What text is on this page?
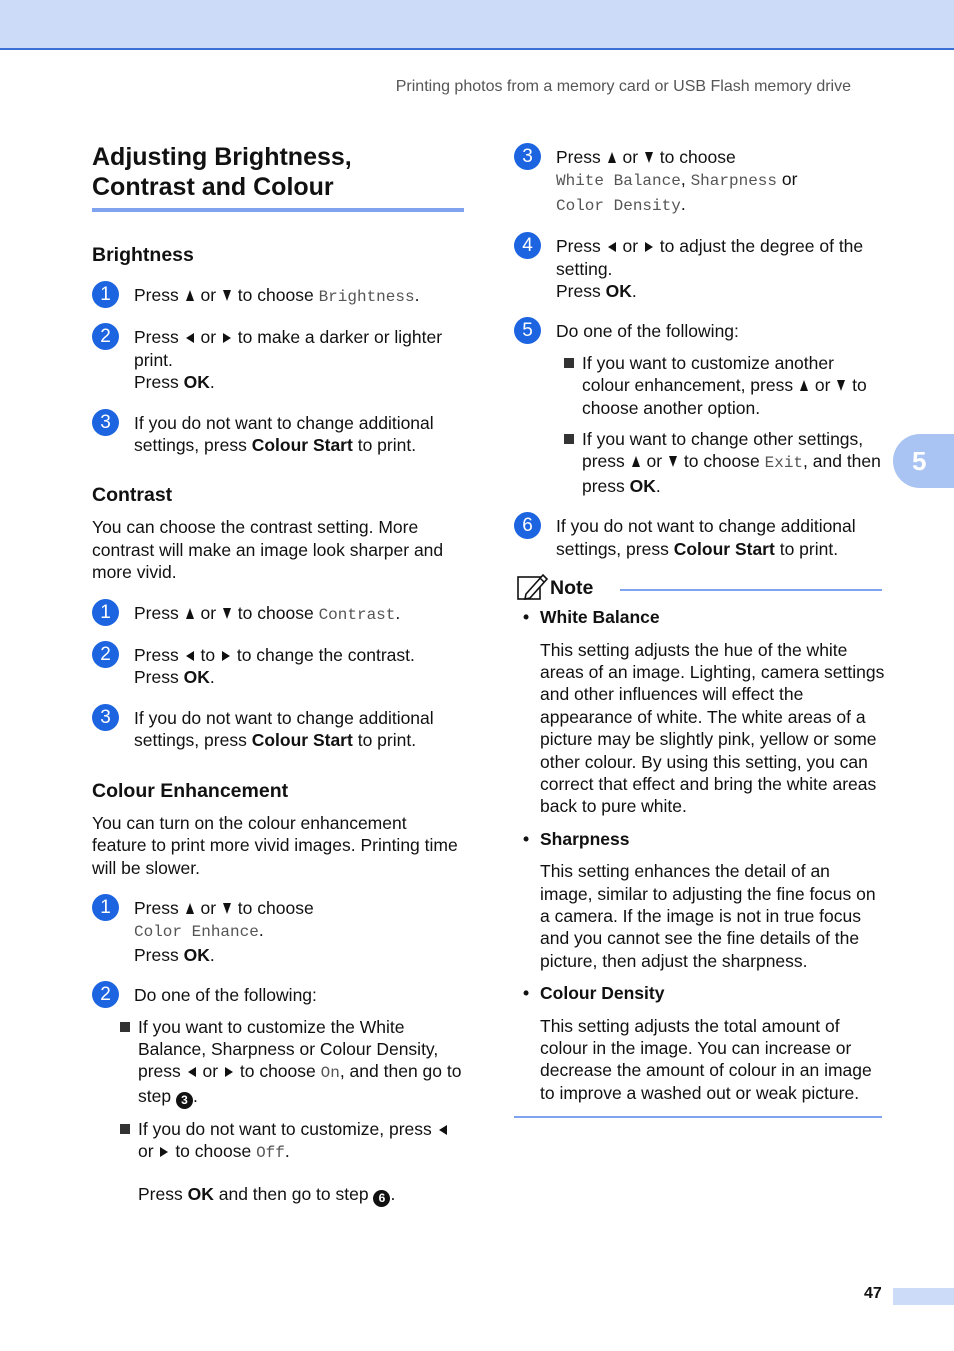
Printing photos from a memory card or USB Flash memory drive
5
47
Adjusting Brightness,
Contrast and Colour
Brightness
1	Press or to choose Brightness.

2	Press or to make a darker or lighter print.
Press OK.

3	If you do not want to change additional settings, press Colour Start to print.

Contrast

You can choose the contrast setting. More contrast will make an image look sharper and more vivid.

1	Press or to choose Contrast.

2	Press to to change the contrast.
Press OK.

3	If you do not want to change additional settings, press Colour Start to print.

Colour Enhancement

You can turn on the colour enhancement feature to print more vivid images. Printing time will be slower.

1	Press or to choose
Color Enhance.
Press OK.

2	Do one of the following:

If you want to customize the White Balance, Sharpness or Colour Density, press or to choose On, and then go to step 3 .

If you do not want to customize, press  or to choose Off.

Press OK and then go to step 6 .

3	Press or to choose
White Balance, Sharpness or
Color Density.

4	Press or to adjust the degree of the setting.
Press OK.

5	Do one of the following:

If you want to customize another colour enhancement, press or to choose another option.

If you want to change other settings, press or to choose Exit, and then press OK.

6	If you do not want to change additional settings, press Colour Start to print.

Note

• White Balance

This setting adjusts the hue of the white areas of an image. Lighting, camera settings and other influences will effect the appearance of white. The white areas of a picture may be slightly pink, yellow or some other colour. By using this setting, you can correct that effect and bring the white areas back to pure white.

• Sharpness

This setting enhances the detail of an image, similar to adjusting the fine focus on a camera. If the image is not in true focus and you cannot see the fine details of the picture, then adjust the sharpness.

• Colour Density

This setting adjusts the total amount of colour in the image. You can increase or decrease the amount of colour in an image to improve a washed out or weak picture.
